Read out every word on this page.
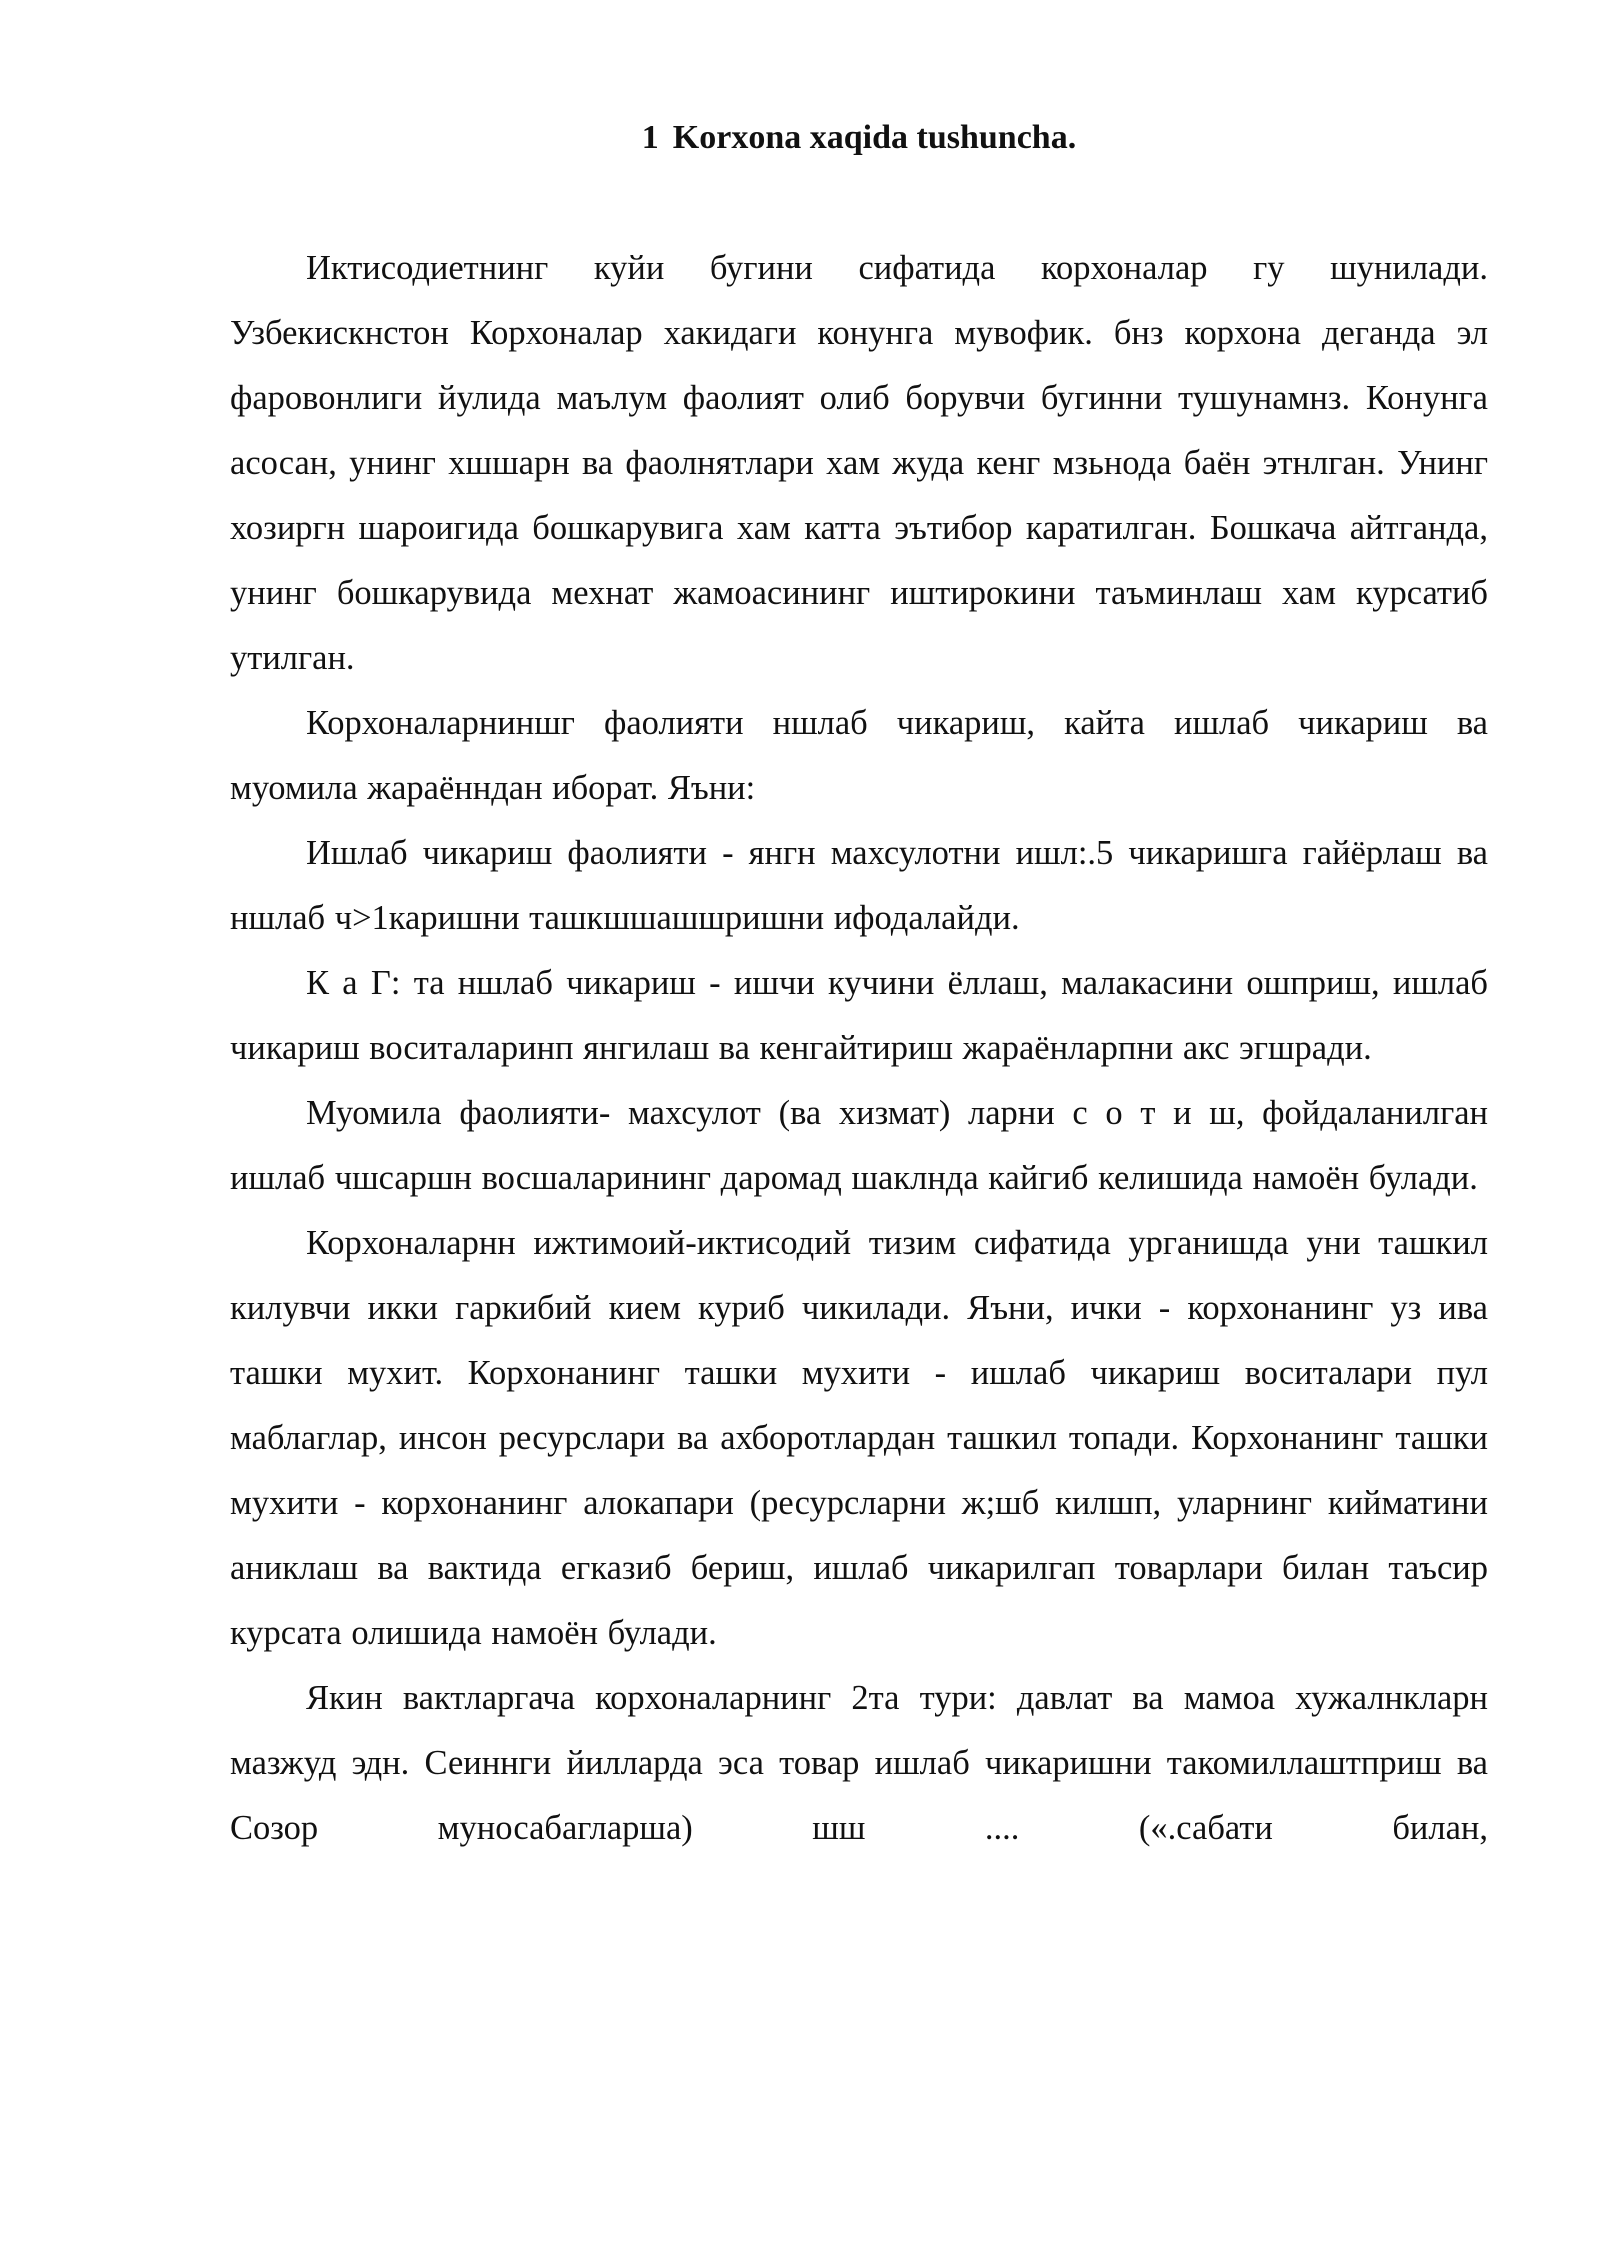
1 Korxona xaqida tushuncha.

Иктисодиетнинг куйи бугини сифатида корхоналар гу шунилади. Узбекискнстон Корхоналар хакидаги конунга мувофик. бнз корхона деганда эл фаровонлиги йулида маълум фаолият олиб борувчи бугинни тушунамнз. Конунга асосан, унинг хшшарн ва фаолнятлари хам жуда кенг мзьнода баён этнлган. Унинг хозиргн шароигида бошкарувига хам катта эътибор каратилган. Бошкача айтганда, унинг бошкарувида мехнат жамоасининг иштирокини таъминлаш хам курсатиб утилган.

Корхоналарниншг фаолияти ншлаб чикариш, кайта ишлаб чикариш ва муомила жараённдан иборат. Яъни:

Ишлаб чикариш фаолияти - янгн махсулотни ишл:.5 чикаришга гайёрлаш ва ншлаб ч>1каришни ташкшшашшришни ифодалайди.

К а Г: та ншлаб чикариш - ишчи кучини ёллаш, малакасини ошприш, ишлаб чикариш воситаларинп янгилаш ва кенгайтириш жараёнларпни акс эгшради.

Муомила фаолияти- махсулот (ва хизмат) ларни с о т и ш, фойдаланилган ишлаб чшсаршн восшаларининг даромад шаклнда кайгиб келишида намоён булади.

Корхоналарнн ижтимоий-иктисодий тизим сифатида урганишда уни ташкил килувчи икки гаркибий кием куриб чикилади. Яъни, ички - корхонанинг уз ива ташки мухит. Корхонанинг ташки мухити - ишлаб чикариш воситалари пул маблаглар, инсон ресурслари ва ахборотлардан ташкил топади. Корхонанинг ташки мухити - корхонанинг алокапари (ресурсларни ж;шб килшп, уларнинг кийматини аниклаш ва вактида егказиб бериш, ишлаб чикарилгап товарлари билан таъсир курсата олишида намоён булади.

Якин вактларгача корхоналарнинг 2та тури: давлат ва мамоа хужалнкларн мазжуд эдн. Сеиннги йилларда эса товар ишлаб чикаришни такомиллаштприш ва Созор муносабагларша) шш .... («.сабати билан,
